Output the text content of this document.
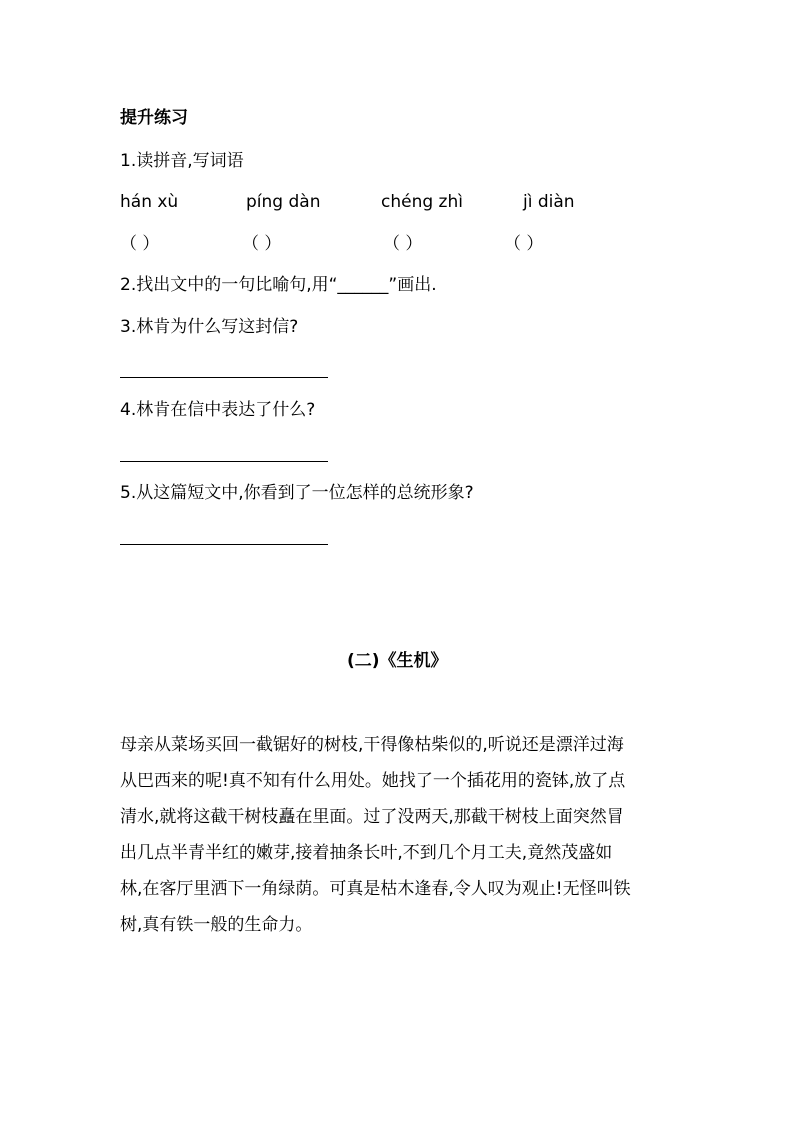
提升练习
1.读拼音,写词语
hán xù	píng dàn	chéng zhì	jì diàn
（ ）	（ ）	（ ）	（ ）
2.找出文中的一句比喻句,用“______”画出.
3.林肯为什么写这封信?
4.林肯在信中表达了什么?
5.从这篇短文中,你看到了一位怎样的总统形象?
(二)《生机》
母亲从菜场买回一截锯好的树枝,干得像枯柴似的,听说还是漂洋过海
从巴西来的呢!真不知有什么用处。她找了一个插花用的瓷钵,放了点
清水,就将这截干树枝矗在里面。过了没两天,那截干树枝上面突然冒
出几点半青半红的嫩芽,接着抽条长叶,不到几个月工夫,竟然茂盛如
林,在客厅里洒下一角绿荫。可真是枯木逢春,令人叹为观止!无怪叫铁
树,真有铁一般的生命力。
